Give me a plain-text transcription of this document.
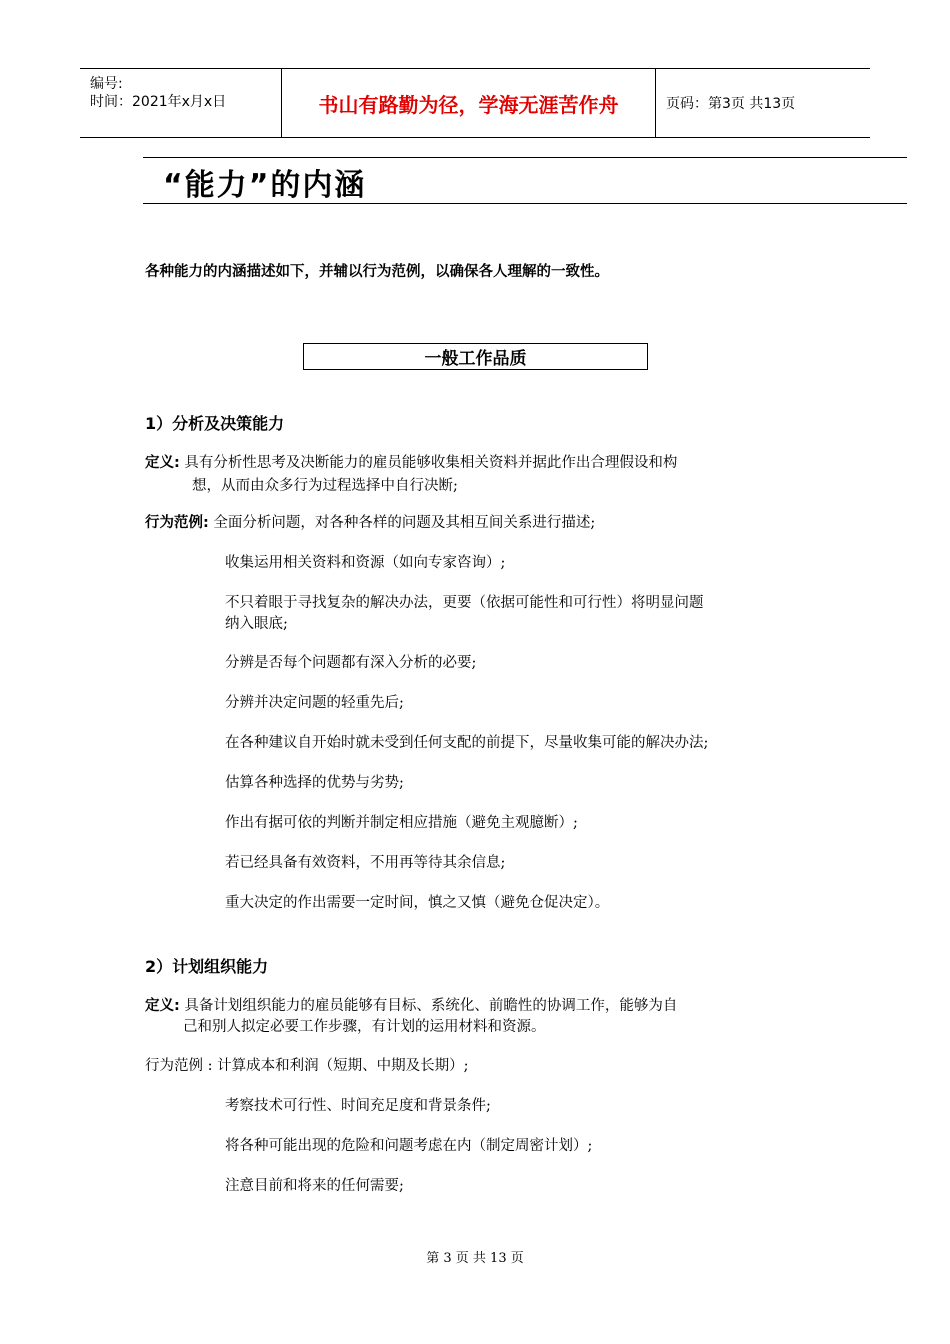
编号:
时间：2021年x月x日	书山有路勤为径，学海无涯苦作舟	页码：第3页 共13页
“能力”的内涵
各种能力的内涵描述如下，并辅以行为范例，以确保各人理解的一致性。
一般工作品质
1）分析及决策能力
定义: 具有分析性思考及决断能力的雇员能够收集相关资料并据此作出合理假设和构
想，从而由众多行为过程选择中自行决断;
行为范例: 全面分析问题，对各种各样的问题及其相互间关系进行描述;
收集运用相关资料和资源（如向专家咨询）;
不只着眼于寻找复杂的解决办法，更要（依据可能性和可行性）将明显问题
纳入眼底;
分辨是否每个问题都有深入分析的必要;
分辨并决定问题的轻重先后;
在各种建议自开始时就未受到任何支配的前提下，尽量收集可能的解决办法;
估算各种选择的优势与劣势;
作出有据可依的判断并制定相应措施（避免主观臆断）;
若已经具备有效资料，不用再等待其余信息;
重大决定的作出需要一定时间，慎之又慎（避免仓促决定）。
2）计划组织能力
定义: 具备计划组织能力的雇员能够有目标、系统化、前瞻性的协调工作，能够为自
己和别人拟定必要工作步骤，有计划的运用材料和资源。
行为范例 : 计算成本和利润（短期、中期及长期）;
考察技术可行性、时间充足度和背景条件;
将各种可能出现的危险和问题考虑在内（制定周密计划）;
注意目前和将来的任何需要;
第 3 页 共 13 页
